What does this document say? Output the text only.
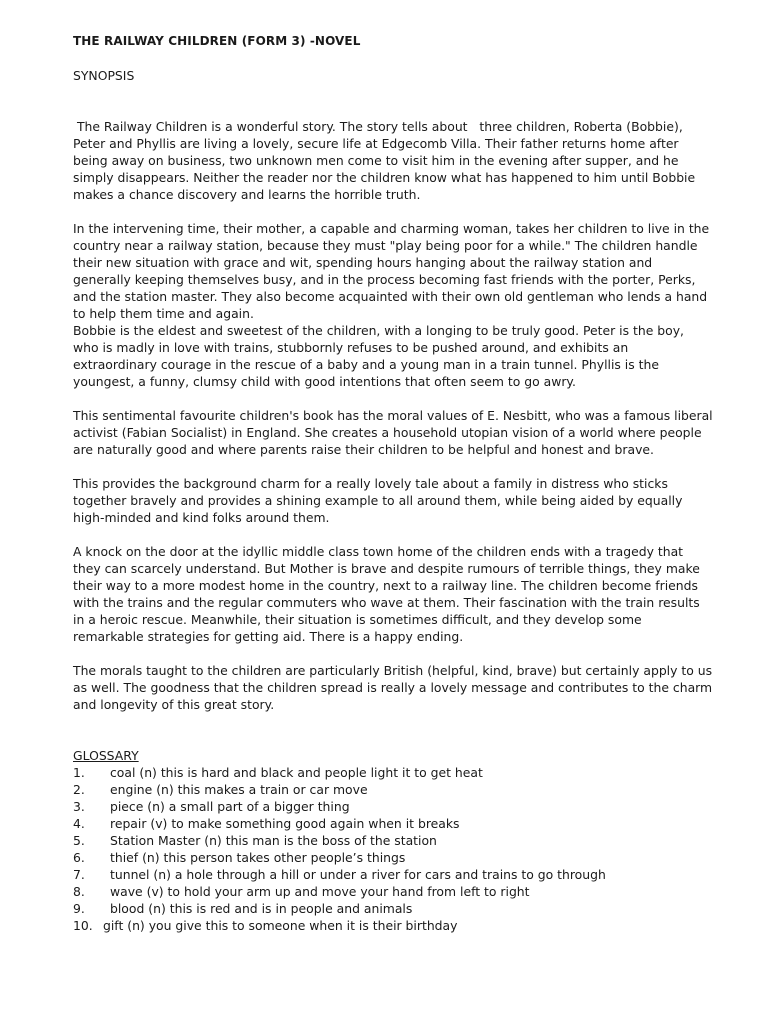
THE RAILWAY CHILDREN (FORM 3) -NOVEL

SYNOPSIS

The Railway Children is a wonderful story. The story tells about   three children, Roberta (Bobbie), Peter and Phyllis are living a lovely, secure life at Edgecomb Villa. Their father returns home after being away on business, two unknown men come to visit him in the evening after supper, and he simply disappears. Neither the reader nor the children know what has happened to him until Bobbie makes a chance discovery and learns the horrible truth.

In the intervening time, their mother, a capable and charming woman, takes her children to live in the country near a railway station, because they must "play being poor for a while." The children handle their new situation with grace and wit, spending hours hanging about the railway station and generally keeping themselves busy, and in the process becoming fast friends with the porter, Perks, and the station master. They also become acquainted with their own old gentleman who lends a hand to help them time and again.

Bobbie is the eldest and sweetest of the children, with a longing to be truly good. Peter is the boy, who is madly in love with trains, stubbornly refuses to be pushed around, and exhibits an extraordinary courage in the rescue of a baby and a young man in a train tunnel. Phyllis is the youngest, a funny, clumsy child with good intentions that often seem to go awry.

This sentimental favourite children's book has the moral values of E. Nesbitt, who was a famous liberal activist (Fabian Socialist) in England. She creates a household utopian vision of a world where people are naturally good and where parents raise their children to be helpful and honest and brave.

This provides the background charm for a really lovely tale about a family in distress who sticks together bravely and provides a shining example to all around them, while being aided by equally high-minded and kind folks around them.

A knock on the door at the idyllic middle class town home of the children ends with a tragedy that they can scarcely understand. But Mother is brave and despite rumours of terrible things, they make their way to a more modest home in the country, next to a railway line. The children become friends with the trains and the regular commuters who wave at them. Their fascination with the train results in a heroic rescue. Meanwhile, their situation is sometimes difficult, and they develop some remarkable strategies for getting aid. There is a happy ending.

The morals taught to the children are particularly British (helpful, kind, brave) but certainly apply to us as well. The goodness that the children spread is really a lovely message and contributes to the charm and longevity of this great story.

GLOSSARY

1.	coal (n) this is hard and black and people light it to get heat
2.	engine (n) this makes a train or car move
3.	piece (n) a small part of a bigger thing
4.	repair (v) to make something good again when it breaks
5.	Station Master (n) this man is the boss of the station
6.	thief (n) this person takes other people’s things
7.	tunnel (n) a hole through a hill or under a river for cars and trains to go through
8.	wave (v) to hold your arm up and move your hand from left to right
9.	blood (n) this is red and is in people and animals
10. gift (n) you give this to someone when it is their birthday
